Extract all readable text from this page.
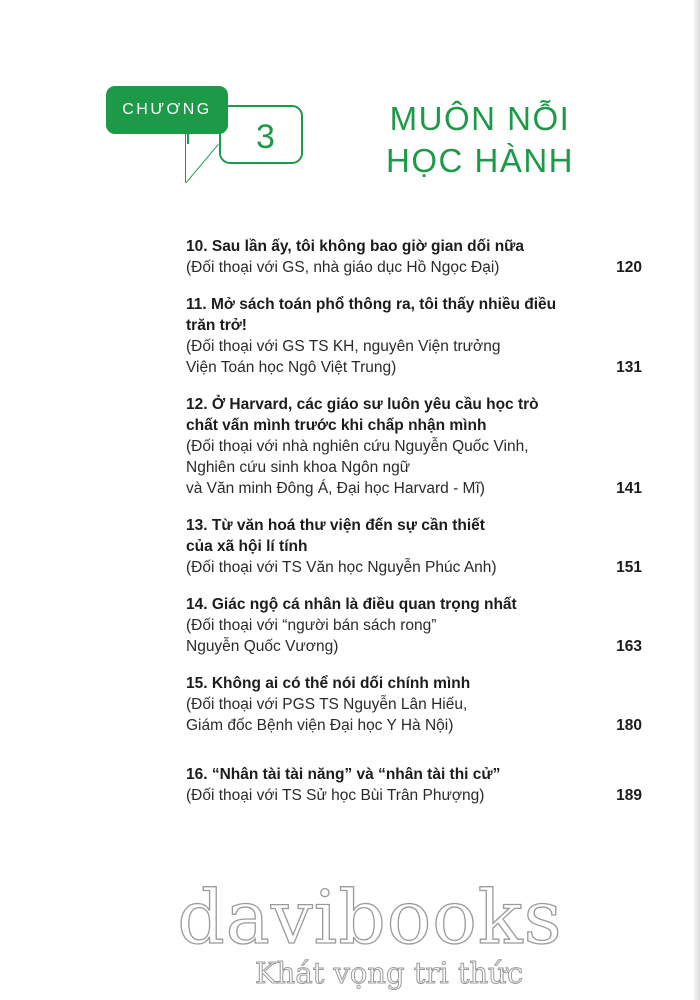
CHƯƠNG
3	MUÔN NỖI
HỌC HÀNH
10. Sau lần ấy, tôi không bao giờ gian dối nữa
(Đối thoại với GS, nhà giáo dục Hồ Ngọc Đại)	120
11. Mở sách toán phổ thông ra, tôi thấy nhiều điều
trăn trở!
(Đối thoại với GS TS KH, nguyên Viện trưởng
Viện Toán học Ngô Việt Trung)	131
12. Ở Harvard, các giáo sư luôn yêu cầu học trò
chất vấn mình trước khi chấp nhận mình
(Đối thoại với nhà nghiên cứu Nguyễn Quốc Vinh,
Nghiên cứu sinh khoa Ngôn ngữ
và Văn minh Đông Á, Đại học Harvard - Mĩ)	141
13. Từ văn hoá thư viện đến sự cần thiết
của xã hội lí tính
(Đối thoại với TS Văn học Nguyễn Phúc Anh)	151
14. Giác ngộ cá nhân là điều quan trọng nhất
(Đối thoại với “người bán sách rong”
Nguyễn Quốc Vương)	163
15. Không ai có thể nói dối chính mình
(Đối thoại với PGS TS Nguyễn Lân Hiếu,
Giám đốc Bệnh viện Đại học Y Hà Nội)	180
16. “Nhân tài tài năng” và “nhân tài thi cử”
(Đối thoại với TS Sử học Bùi Trân Phượng)	189
davibooks
Khát vọng tri thức
